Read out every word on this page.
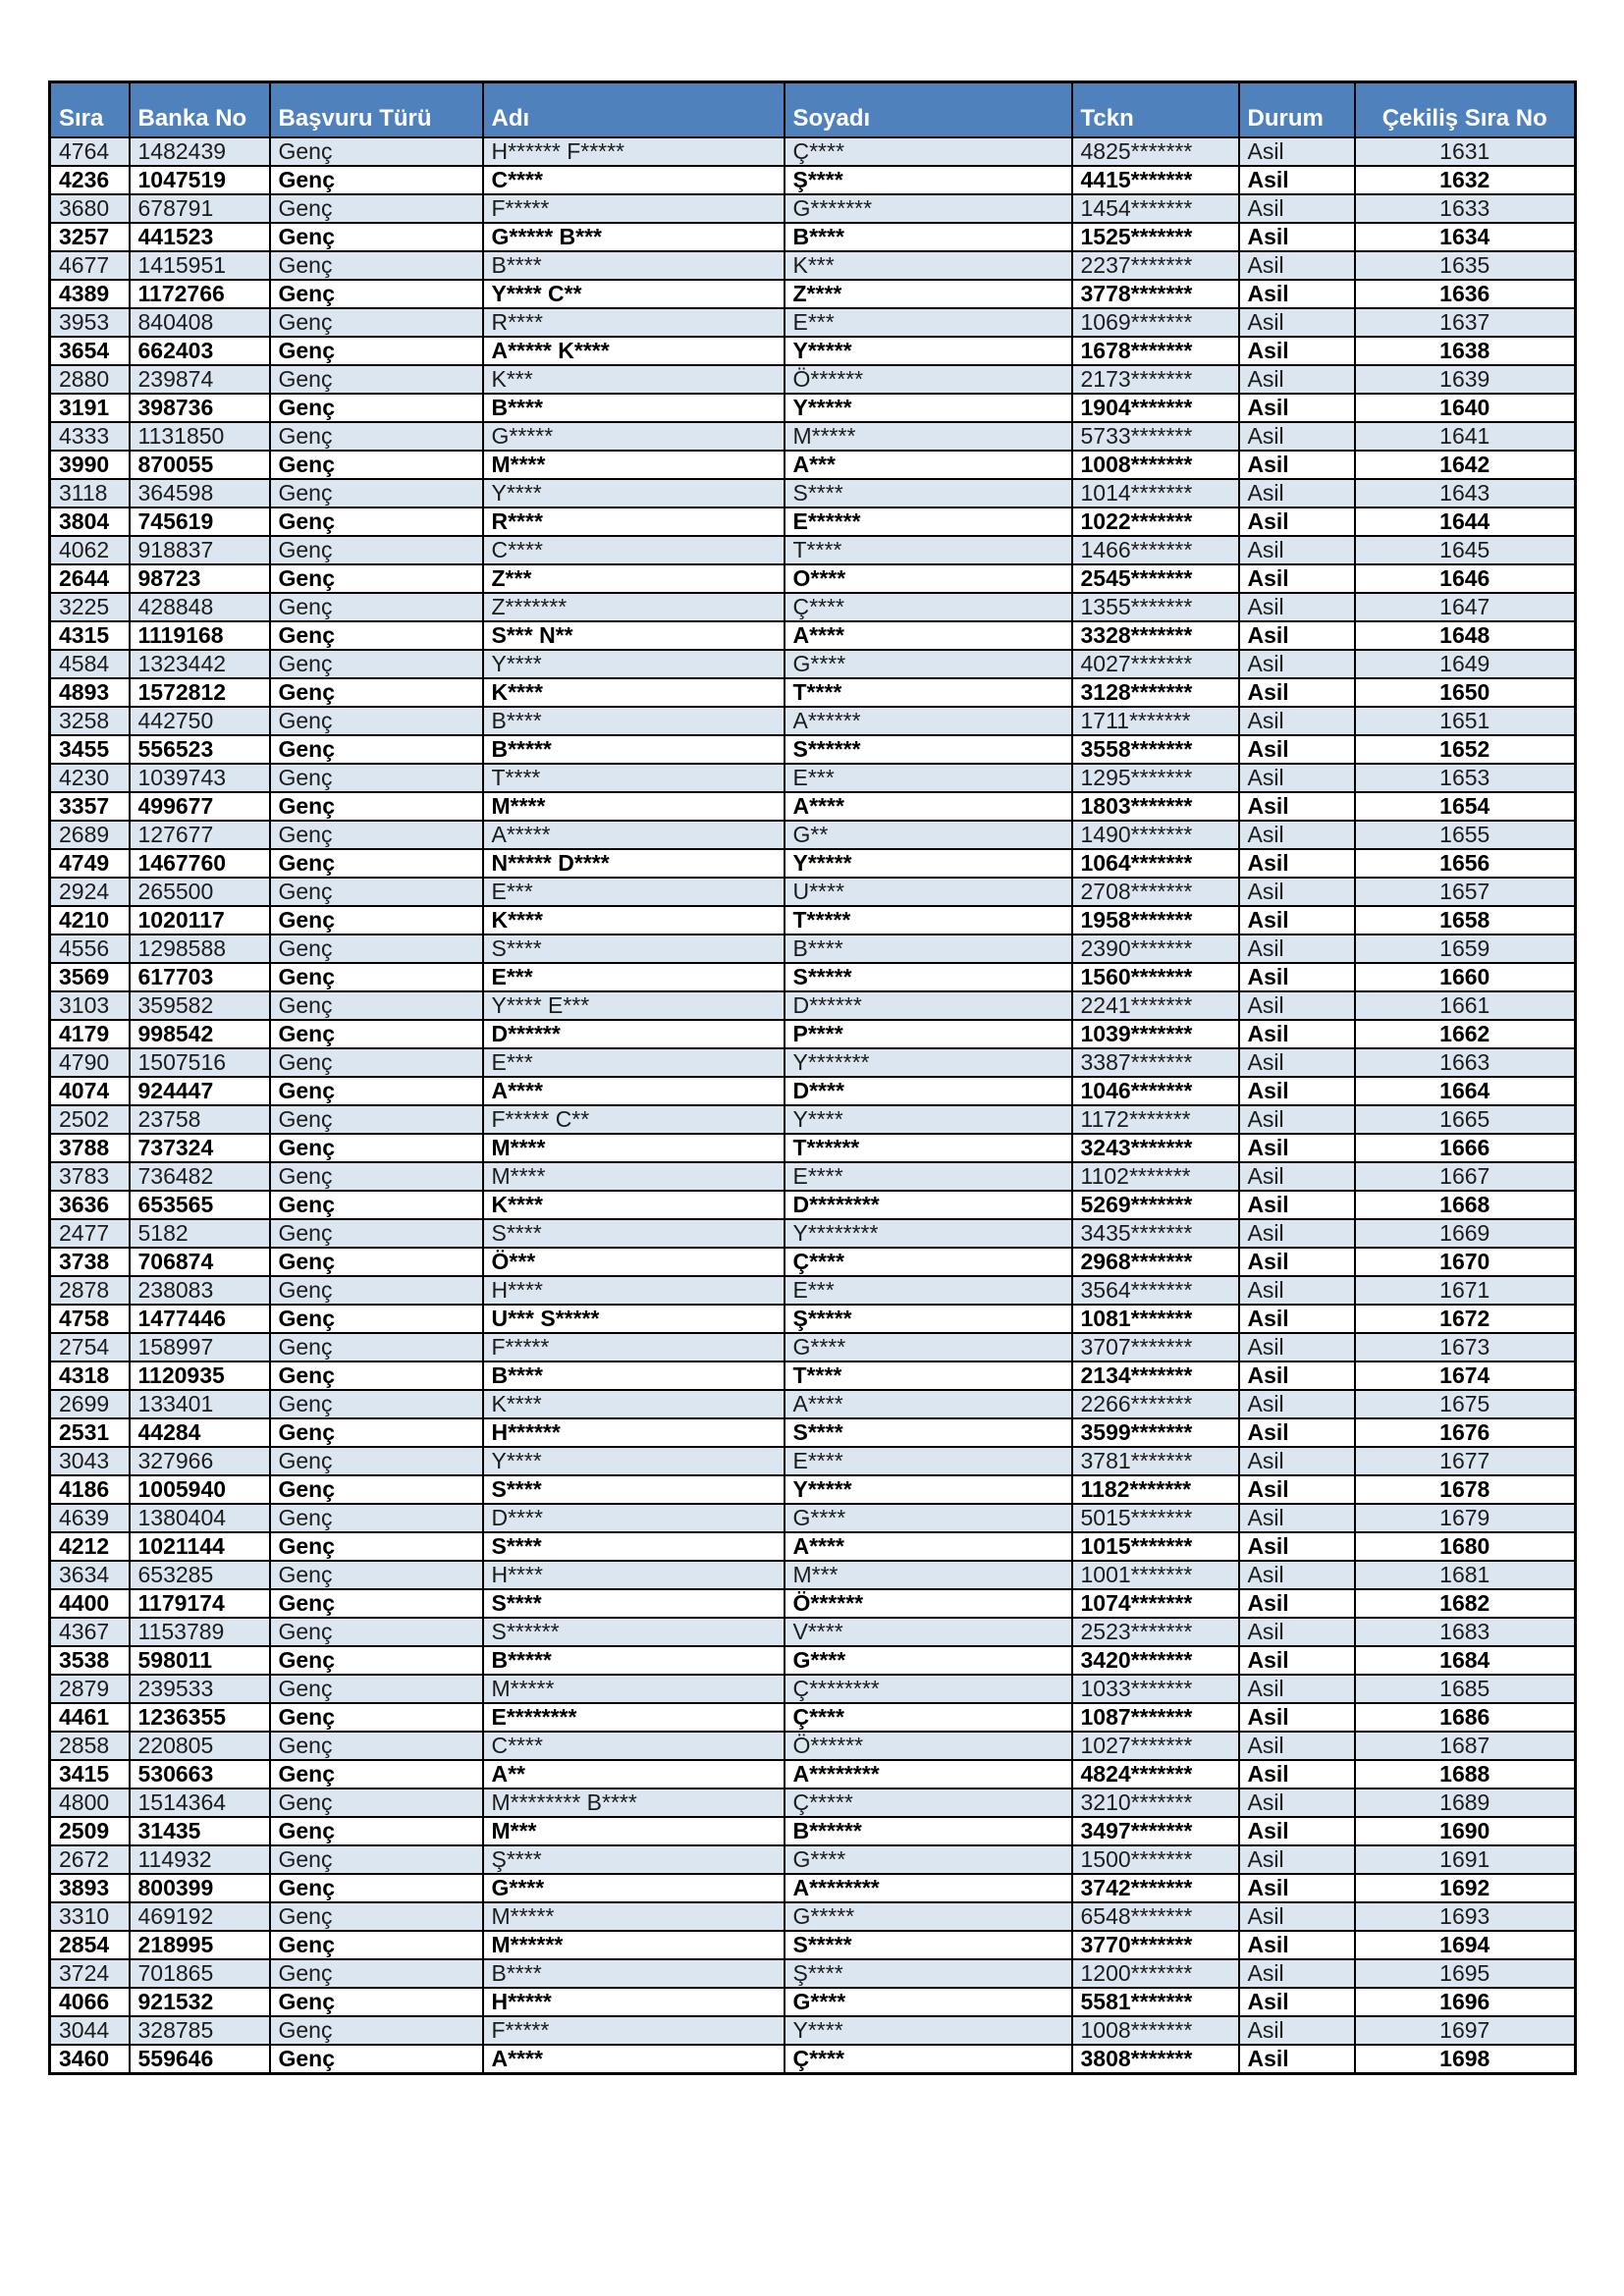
Sıra	Banka No	Başvuru Türü	Adı	Soyadı	Tckn	Durum	Çekiliş Sıra No
4764	1482439	Genç	H****** F*****	Ç****	4825*******	Asil	1631
4236	1047519	Genç	C****	Ş****	4415*******	Asil	1632
3680	678791	Genç	F*****	G*******	1454*******	Asil	1633
3257	441523	Genç	G***** B***	B****	1525*******	Asil	1634
4677	1415951	Genç	B****	K***	2237*******	Asil	1635
4389	1172766	Genç	Y**** C**	Z****	3778*******	Asil	1636
3953	840408	Genç	R****	E***	1069*******	Asil	1637
3654	662403	Genç	A***** K****	Y*****	1678*******	Asil	1638
2880	239874	Genç	K***	Ö******	2173*******	Asil	1639
3191	398736	Genç	B****	Y*****	1904*******	Asil	1640
4333	1131850	Genç	G*****	M*****	5733*******	Asil	1641
3990	870055	Genç	M****	A***	1008*******	Asil	1642
3118	364598	Genç	Y****	S****	1014*******	Asil	1643
3804	745619	Genç	R****	E******	1022*******	Asil	1644
4062	918837	Genç	C****	T****	1466*******	Asil	1645
2644	98723	Genç	Z***	O****	2545*******	Asil	1646
3225	428848	Genç	Z*******	Ç****	1355*******	Asil	1647
4315	1119168	Genç	S*** N**	A****	3328*******	Asil	1648
4584	1323442	Genç	Y****	G****	4027*******	Asil	1649
4893	1572812	Genç	K****	T****	3128*******	Asil	1650
3258	442750	Genç	B****	A******	1711*******	Asil	1651
3455	556523	Genç	B*****	S******	3558*******	Asil	1652
4230	1039743	Genç	T****	E***	1295*******	Asil	1653
3357	499677	Genç	M****	A****	1803*******	Asil	1654
2689	127677	Genç	A*****	G**	1490*******	Asil	1655
4749	1467760	Genç	N***** D****	Y*****	1064*******	Asil	1656
2924	265500	Genç	E***	U****	2708*******	Asil	1657
4210	1020117	Genç	K****	T*****	1958*******	Asil	1658
4556	1298588	Genç	S****	B****	2390*******	Asil	1659
3569	617703	Genç	E***	S*****	1560*******	Asil	1660
3103	359582	Genç	Y**** E***	D******	2241*******	Asil	1661
4179	998542	Genç	D******	P****	1039*******	Asil	1662
4790	1507516	Genç	E***	Y*******	3387*******	Asil	1663
4074	924447	Genç	A****	D****	1046*******	Asil	1664
2502	23758	Genç	F***** C**	Y****	1172*******	Asil	1665
3788	737324	Genç	M****	T******	3243*******	Asil	1666
3783	736482	Genç	M****	E****	1102*******	Asil	1667
3636	653565	Genç	K****	D********	5269*******	Asil	1668
2477	5182	Genç	S****	Y********	3435*******	Asil	1669
3738	706874	Genç	Ö***	Ç****	2968*******	Asil	1670
2878	238083	Genç	H****	E***	3564*******	Asil	1671
4758	1477446	Genç	U*** S*****	Ş*****	1081*******	Asil	1672
2754	158997	Genç	F*****	G****	3707*******	Asil	1673
4318	1120935	Genç	B****	T****	2134*******	Asil	1674
2699	133401	Genç	K****	A****	2266*******	Asil	1675
2531	44284	Genç	H******	S****	3599*******	Asil	1676
3043	327966	Genç	Y****	E****	3781*******	Asil	1677
4186	1005940	Genç	S****	Y*****	1182*******	Asil	1678
4639	1380404	Genç	D****	G****	5015*******	Asil	1679
4212	1021144	Genç	S****	A****	1015*******	Asil	1680
3634	653285	Genç	H****	M***	1001*******	Asil	1681
4400	1179174	Genç	S****	Ö******	1074*******	Asil	1682
4367	1153789	Genç	S******	V****	2523*******	Asil	1683
3538	598011	Genç	B*****	G****	3420*******	Asil	1684
2879	239533	Genç	M*****	Ç********	1033*******	Asil	1685
4461	1236355	Genç	E********	Ç****	1087*******	Asil	1686
2858	220805	Genç	C****	Ö******	1027*******	Asil	1687
3415	530663	Genç	A**	A********	4824*******	Asil	1688
4800	1514364	Genç	M******** B****	Ç*****	3210*******	Asil	1689
2509	31435	Genç	M***	B******	3497*******	Asil	1690
2672	114932	Genç	Ş****	G****	1500*******	Asil	1691
3893	800399	Genç	G****	A********	3742*******	Asil	1692
3310	469192	Genç	M*****	G*****	6548*******	Asil	1693
2854	218995	Genç	M******	S*****	3770*******	Asil	1694
3724	701865	Genç	B****	Ş****	1200*******	Asil	1695
4066	921532	Genç	H*****	G****	5581*******	Asil	1696
3044	328785	Genç	F*****	Y****	1008*******	Asil	1697
3460	559646	Genç	A****	Ç****	3808*******	Asil	1698
